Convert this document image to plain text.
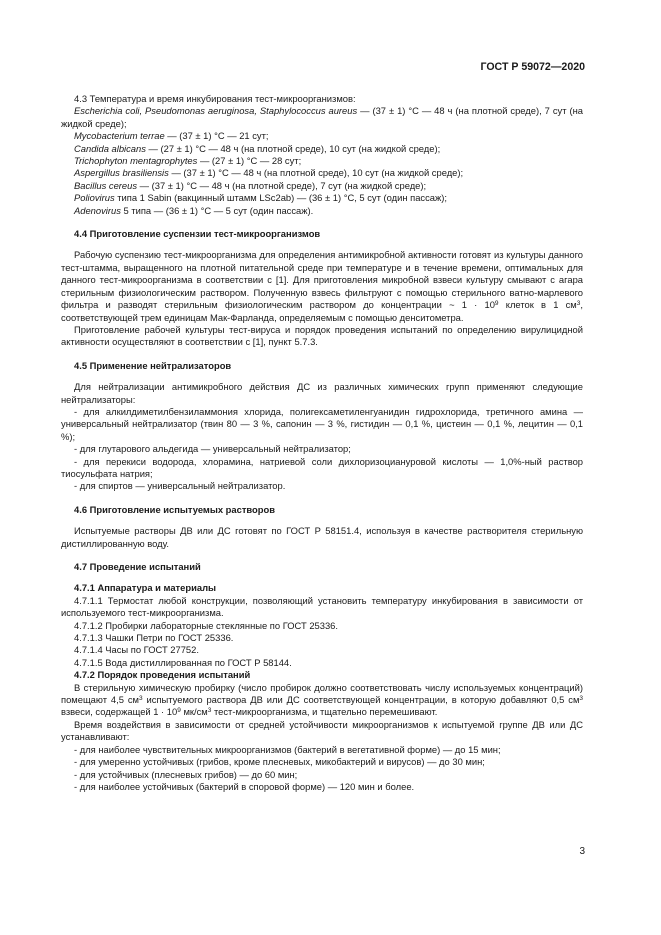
ГОСТ Р 59072—2020

4.3 Температура и время инкубирования тест-микроорганизмов:

Escherichia coli, Pseudomonas aeruginosa, Staphylococcus aureus — (37 ± 1) °С — 48 ч (на плотной среде), 7 сут (на жидкой среде);

Mycobacterium terrae — (37 ± 1) °С — 21 сут;

Candida albicans — (27 ± 1) °С — 48 ч (на плотной среде), 10 сут (на жидкой среде);

Trichophyton mentagrophytes — (27 ± 1) °С — 28 сут;

Aspergillus brasiliensis — (37 ± 1) °С — 48 ч (на плотной среде), 10 сут (на жидкой среде);

Bacillus cereus — (37 ± 1) °С — 48 ч (на плотной среде), 7 сут (на жидкой среде);

Poliovirus типа 1 Sabin (вакцинный штамм LSc2ab) — (36 ± 1) °С, 5 сут (один пассаж);

Adenovirus 5 типа — (36 ± 1) °С — 5 сут (один пассаж).

4.4 Приготовление суспензии тест-микроорганизмов

Рабочую суспензию тест-микроорганизма для определения антимикробной активности готовят из культуры данного тест-штамма, выращенного на плотной питательной среде при температуре и в течение времени, оптимальных для данного тест-микроорганизма в соответствии с [1]. Для приготовления микробной взвеси культуру смывают с агара стерильным физиологическим раствором. Полученную взвесь фильтруют с помощью стерильного ватно-марлевого фильтра и разводят стерильным физиологическим раствором до концентрации ~ $1 \cdot 10^9$ клеток в 1 $см^3$, соответствующей трем единицам Мак-Фарланда, определяемым с помощью денситометра.

Приготовление рабочей культуры тест-вируса и порядок проведения испытаний по определению вирулицидной активности осуществляют в соответствии с [1], пункт 5.7.3.

4.5 Применение нейтрализаторов

Для нейтрализации антимикробного действия ДС из различных химических групп применяют следующие нейтрализаторы:

- для алкилдиметилбензиламмония хлорида, полигексаметиленгуанидин гидрохлорида, третичного амина — универсальный нейтрализатор (твин 80 — 3 %, сапонин — 3 %, гистидин — 0,1 %, цистеин — 0,1 %, лецитин — 0,1 %);

- для глутарового альдегида — универсальный нейтрализатор;

- для перекиси водорода, хлорамина, натриевой соли дихлоризоциануровой кислоты — 1,0%-ный раствор тиосульфата натрия;

- для спиртов — универсальный нейтрализатор.

4.6 Приготовление испытуемых растворов

Испытуемые растворы ДВ или ДС готовят по ГОСТ Р 58151.4, используя в качестве растворителя стерильную дистиллированную воду.

4.7 Проведение испытаний

4.7.1 Аппаратура и материалы

4.7.1.1 Термостат любой конструкции, позволяющий установить температуру инкубирования в зависимости от используемого тест-микроорганизма.

4.7.1.2 Пробирки лабораторные стеклянные по ГОСТ 25336.

4.7.1.3 Чашки Петри по ГОСТ 25336.

4.7.1.4 Часы по ГОСТ 27752.

4.7.1.5 Вода дистиллированная по ГОСТ Р 58144.

4.7.2 Порядок проведения испытаний

В стерильную химическую пробирку (число пробирок должно соответствовать числу используемых концентраций) помещают 4,5 $см^3$ испытуемого раствора ДВ или ДС соответствующей концентрации, в которую добавляют 0,5 $см^3$ взвеси, содержащей $1 \cdot 10^9$ $мк/см^3$ тест-микроорганизма, и тщательно перемешивают.

Время воздействия в зависимости от средней устойчивости микроорганизмов к испытуемой группе ДВ или ДС устанавливают:

- для наиболее чувствительных микроорганизмов (бактерий в вегетативной форме) — до 15 мин;

- для умеренно устойчивых (грибов, кроме плесневых, микобактерий и вирусов) — до 30 мин;

- для устойчивых (плесневых грибов) — до 60 мин;

- для наиболее устойчивых (бактерий в споровой форме) — 120 мин и более.

3
